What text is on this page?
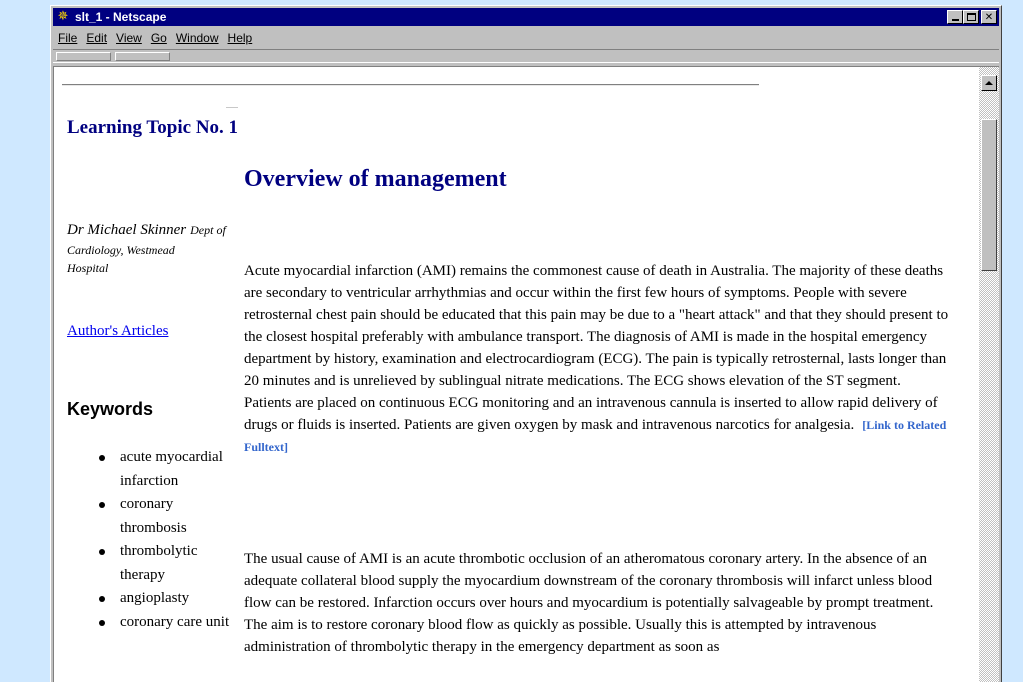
✵ slt_1 - Netscape	✕
File Edit View Go Window Help
Learning Topic No. 1
Overview of management
Dr Michael Skinner Dept of Cardiology, Westmead
Hospital
Author's Articles
Keywords
acute myocardial infarction
coronary thrombosis
thrombolytic therapy
angioplasty
coronary care unit

Acute myocardial infarction (AMI) remains the commonest cause of death in Australia. The majority of these deaths are secondary to ventricular arrhythmias and occur within the first few hours of symptoms. People with severe retrosternal chest pain should be educated that this pain may be due to a "heart attack" and that they should present to the closest hospital preferably with ambulance transport. The diagnosis of AMI is made in the hospital emergency department by history, examination and electrocardiogram (ECG). The pain is typically retrosternal, lasts longer than 20 minutes and is unrelieved by sublingual nitrate medications. The ECG shows elevation of the ST segment. Patients are placed on continuous ECG monitoring and an intravenous cannula is inserted to allow rapid delivery of drugs or fluids is inserted. Patients are given oxygen by mask and intravenous narcotics for analgesia. [Link to Related Fulltext]

The usual cause of AMI is an acute thrombotic occlusion of an atheromatous coronary artery. In the absence of an adequate collateral blood supply the myocardium downstream of the coronary thrombosis will infarct unless blood flow can be restored. Infarction occurs over hours and myocardium is potentially salvageable by prompt treatment. The aim is to restore coronary blood flow as quickly as possible. Usually this is attempted by intravenous administration of thrombolytic therapy in the emergency department as soon as
